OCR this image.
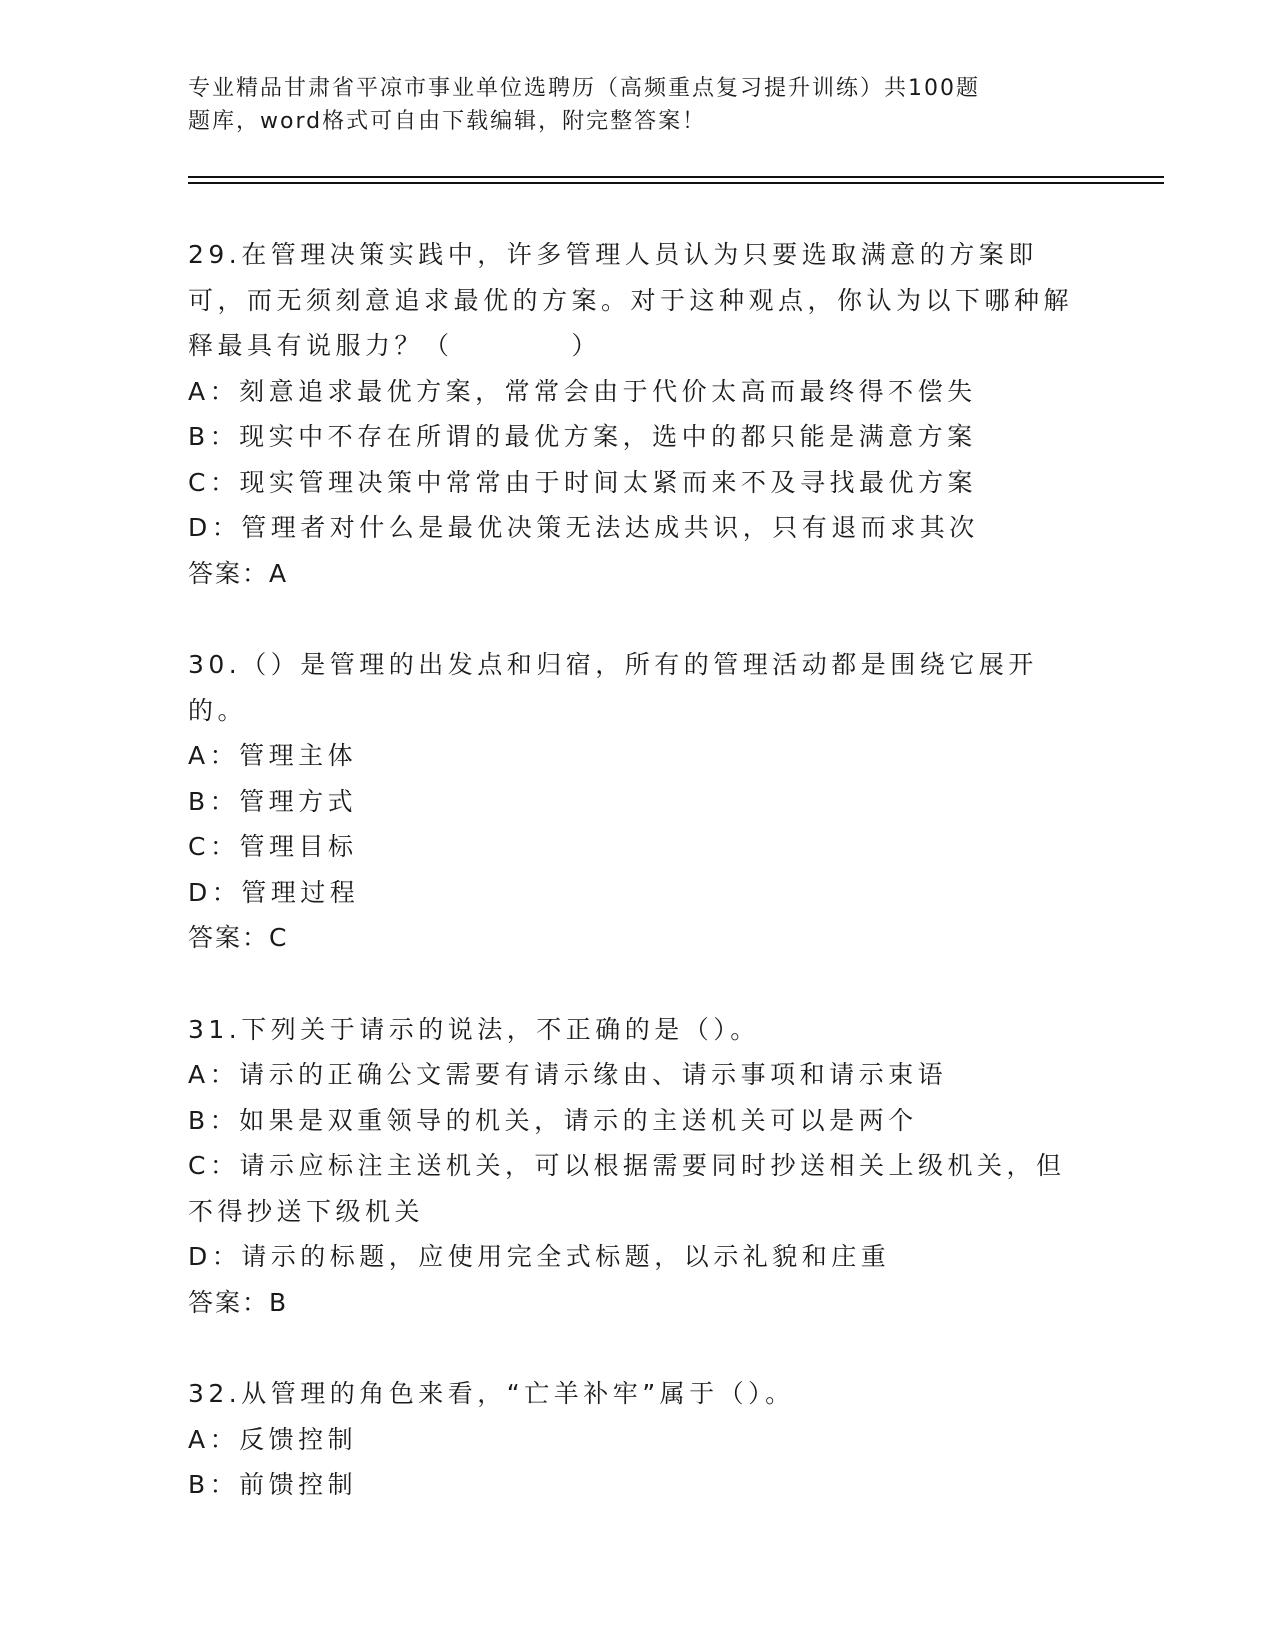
专业精品甘肃省平凉市事业单位选聘历（高频重点复习提升训练）共100题
题库，word格式可自由下载编辑，附完整答案！

29.在管理决策实践中，许多管理人员认为只要选取满意的方案即可，而无须刻意追求最优的方案。对于这种观点，你认为以下哪种解释最具有说服力？（　　　　）

A：刻意追求最优方案，常常会由于代价太高而最终得不偿失

B：现实中不存在所谓的最优方案，选中的都只能是满意方案

C：现实管理决策中常常由于时间太紧而来不及寻找最优方案

D：管理者对什么是最优决策无法达成共识，只有退而求其次

答案：A

30.（）是管理的出发点和归宿，所有的管理活动都是围绕它展开的。

A：管理主体

B：管理方式

C：管理目标

D：管理过程

答案：C

31.下列关于请示的说法，不正确的是（）。

A：请示的正确公文需要有请示缘由、请示事项和请示束语

B：如果是双重领导的机关，请示的主送机关可以是两个

C：请示应标注主送机关，可以根据需要同时抄送相关上级机关，但不得抄送下级机关

D：请示的标题，应使用完全式标题，以示礼貌和庄重

答案：B

32.从管理的角色来看，“亡羊补牢”属于（）。

A：反馈控制

B：前馈控制
